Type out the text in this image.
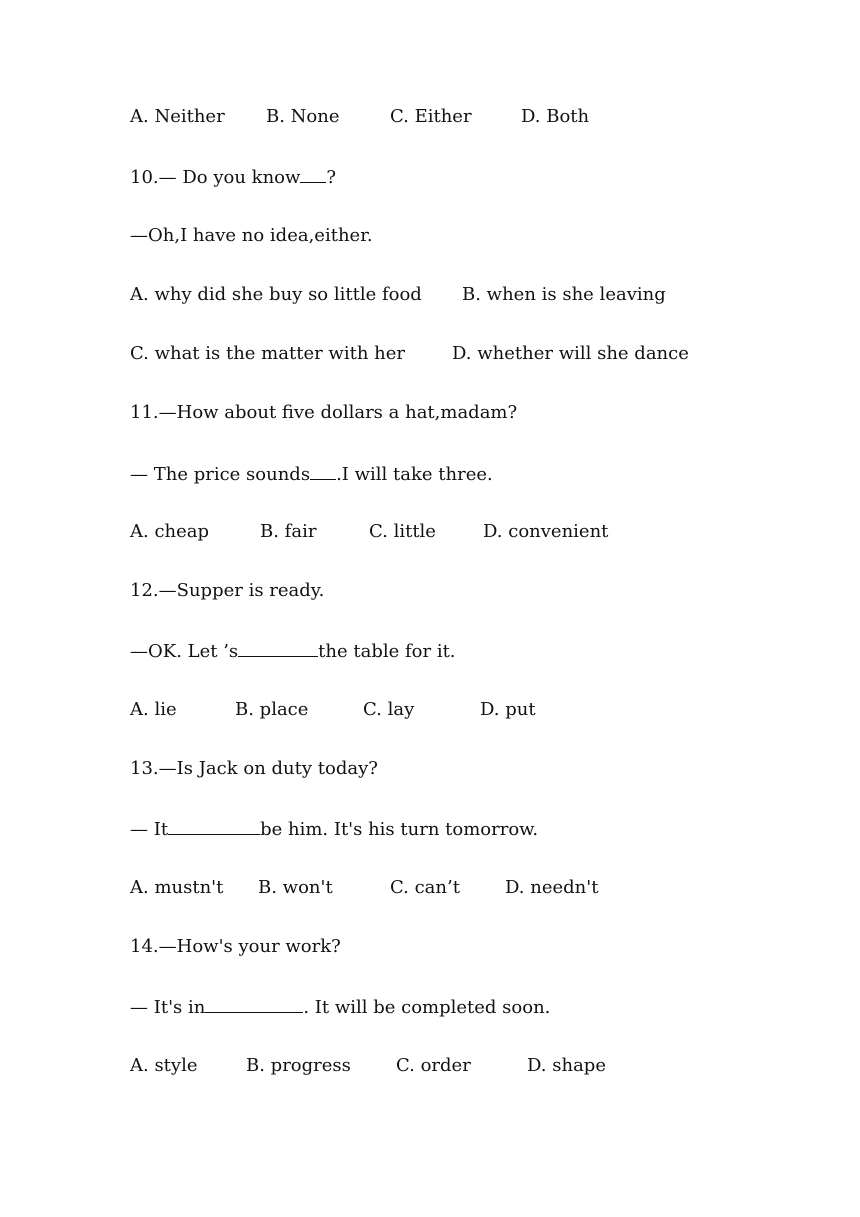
A. Neither

B. None

	C. Either

	D. Both

10.— Do you know ?
—Oh,I have no idea,either.

A. why did she buy so little food

B. when is she leaving

C. what is the matter with her

	D. whether will she dance

11.—How about five dollars a hat,madam?
— The price sounds .I will take three.

A. cheap

	B. fair

	C. little

	D. convenient

12.—Supper is ready.
—OK. Let ’s	the table for it.

A. lie

	B. place

	C. lay

	D. put

13.—Is Jack on duty today?
— It	be him. It's his turn tomorrow.

A. mustn't

B. won't

	C. can’t

	D. needn't

14.—How's your work?
— It's in	. It will be completed soon.

A. style

	B. progress

	C. order

	D. shape
